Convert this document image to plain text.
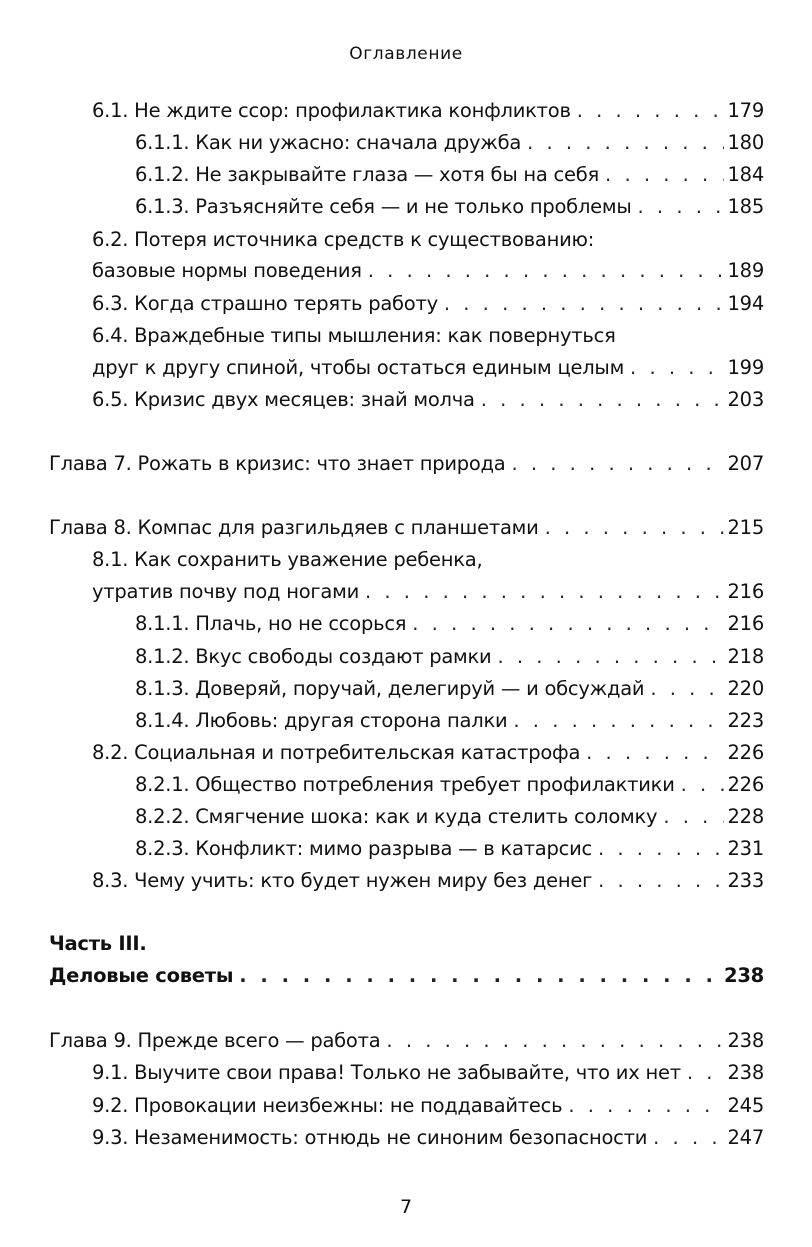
Оглавление
6.1. Не ждите ссор: профилактика конфликтов . . .	179
6.1.1. Как ни ужасно: сначала дружба . . .	180
6.1.2. Не закрывайте глаза — хотя бы на себя . . .	184
6.1.3. Разъясняйте себя — и не только проблемы . . .	185
6.2. Потеря источника средств к существованию:
базовые нормы поведения . . .	189
6.3. Когда страшно терять работу . . .	194
6.4. Враждебные типы мышления: как повернуться
друг к другу спиной, чтобы остаться единым целым . . .	199
6.5. Кризис двух месяцев: знай молча . . .	203
Глава 7. Рожать в кризис: что знает природа . . .	207
Глава 8. Компас для разгильдяев с планшетами . . .	215
8.1. Как сохранить уважение ребенка,
утратив почву под ногами . . .	216
8.1.1. Плачь, но не ссорься . . .	216
8.1.2. Вкус свободы создают рамки . . .	218
8.1.3. Доверяй, поручай, делегируй — и обсуждай . . .	220
8.1.4. Любовь: другая сторона палки . . .	223
8.2. Социальная и потребительская катастрофа . . .	226
8.2.1. Общество потребления требует профилактики . . .	226
8.2.2. Смягчение шока: как и куда стелить соломку . . .	228
8.2.3. Конфликт: мимо разрыва — в катарсис . . .	231
8.3. Чему учить: кто будет нужен миру без денег . . .	233
Часть III.
Деловые советы . . .	238
Глава 9. Прежде всего — работа . . .	238
9.1. Выучите свои права! Только не забывайте, что их нет . . .	238
9.2. Провокации неизбежны: не поддавайтесь . . .	245
9.3. Незаменимость: отнюдь не синоним безопасности . . .	247
7
